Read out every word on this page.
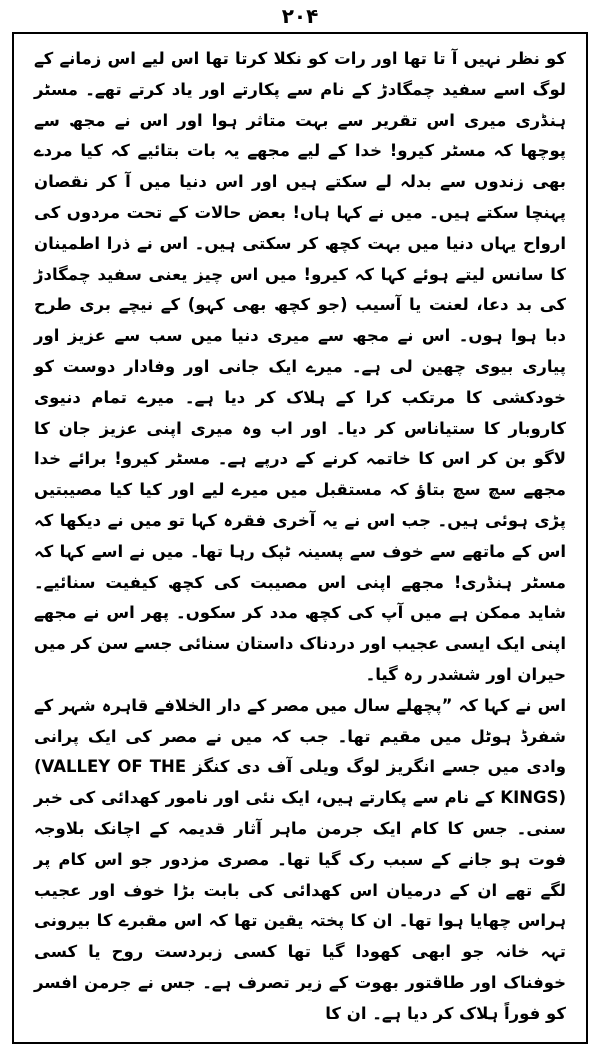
۲۰۴

کو نظر نہیں آ تا تھا اور رات کو نکلا کرتا تھا اس لیے اس زمانے کے لوگ اسے سفید چمگادڑ کے نام سے پکارتے اور یاد کرتے تھے۔ مسٹر ہنڈری میری اس تقریر سے بہت متاثر ہوا اور اس نے مجھ سے پوچھا کہ مسٹر کیرو! خدا کے لیے مجھے یہ بات بتائیے کہ کیا مردے بھی زندوں سے بدلہ لے سکتے ہیں اور اس دنیا میں آ کر نقصان پہنچا سکتے ہیں۔ میں نے کہا ہاں! بعض حالات کے تحت مردوں کی ارواح یہاں دنیا میں بہت کچھ کر سکتی ہیں۔ اس نے ذرا اطمینان کا سانس لیتے ہوئے کہا کہ کیرو! میں اس چیز یعنی سفید چمگادڑ کی بد دعا، لعنت یا آسیب (جو کچھ بھی کہو) کے نیچے بری طرح دبا ہوا ہوں۔ اس نے مجھ سے میری دنیا میں سب سے عزیز اور پیاری بیوی چھین لی ہے۔ میرے ایک جانی اور وفادار دوست کو خودکشی کا مرتکب کرا کے ہلاک کر دیا ہے۔ میرے تمام دنیوی کاروبار کا ستیاناس کر دیا۔ اور اب وہ میری اپنی عزیز جان کا لاگو بن کر اس کا خاتمہ کرنے کے درپے ہے۔ مسٹر کیرو! برائے خدا مجھے سچ سچ بتاؤ کہ مستقبل میں میرے لیے اور کیا کیا مصیبتیں پڑی ہوئی ہیں۔ جب اس نے یہ آخری فقرہ کہا تو میں نے دیکھا کہ اس کے ماتھے سے خوف سے پسینہ ٹپک رہا تھا۔ میں نے اسے کہا کہ مسٹر ہنڈری! مجھے اپنی اس مصیبت کی کچھ کیفیت سنائیے۔ شاید ممکن ہے میں آپ کی کچھ مدد کر سکوں۔ پھر اس نے مجھے اپنی ایک ایسی عجیب اور دردناک داستان سنائی جسے سن کر میں حیران اور ششدر رہ گیا۔

اس نے کہا کہ ”پچھلے سال میں مصر کے دار الخلافے قاہرہ شہر کے شفرڈ ہوٹل میں مقیم تھا۔ جب کہ میں نے مصر کی ایک پرانی وادی میں جسے انگریز لوگ ویلی آف دی کنگز (VALLEY OF THE KINGS) کے نام سے پکارتے ہیں، ایک نئی اور نامور کھدائی کی خبر سنی۔ جس کا کام ایک جرمن ماہر آثار قدیمہ کے اچانک بلاوجہ فوت ہو جانے کے سبب رک گیا تھا۔ مصری مزدور جو اس کام پر لگے تھے ان کے درمیان اس کھدائی کی بابت بڑا خوف اور عجیب ہراس چھایا ہوا تھا۔ ان کا پختہ یقین تھا کہ اس مقبرے کا بیرونی تہہ خانہ جو ابھی کھودا گیا تھا کسی زبردست روح یا کسی خوفناک اور طاقتور بھوت کے زیر تصرف ہے۔ جس نے جرمن افسر کو فوراً ہلاک کر دیا ہے۔ ان کا
